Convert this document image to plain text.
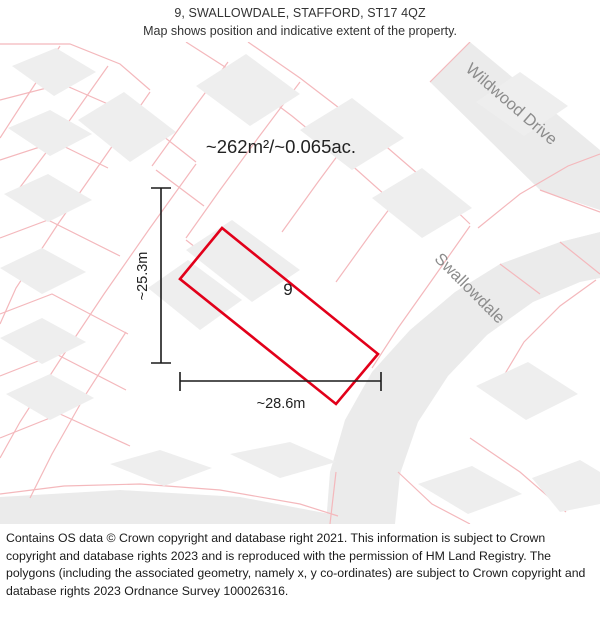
9, SWALLOWDALE, STAFFORD, ST17 4QZ
Map shows position and indicative extent of the property.
9
~262m²/~0.065ac.
~25.3m
~28.6m
Wildwood Drive
Swallowdale

Contains OS data © Crown copyright and database right 2021. This information is subject to Crown copyright and database rights 2023 and is reproduced with the permission of HM Land Registry. The polygons (including the associated geometry, namely x, y co-ordinates) are subject to Crown copyright and database rights 2023 Ordnance Survey 100026316.
